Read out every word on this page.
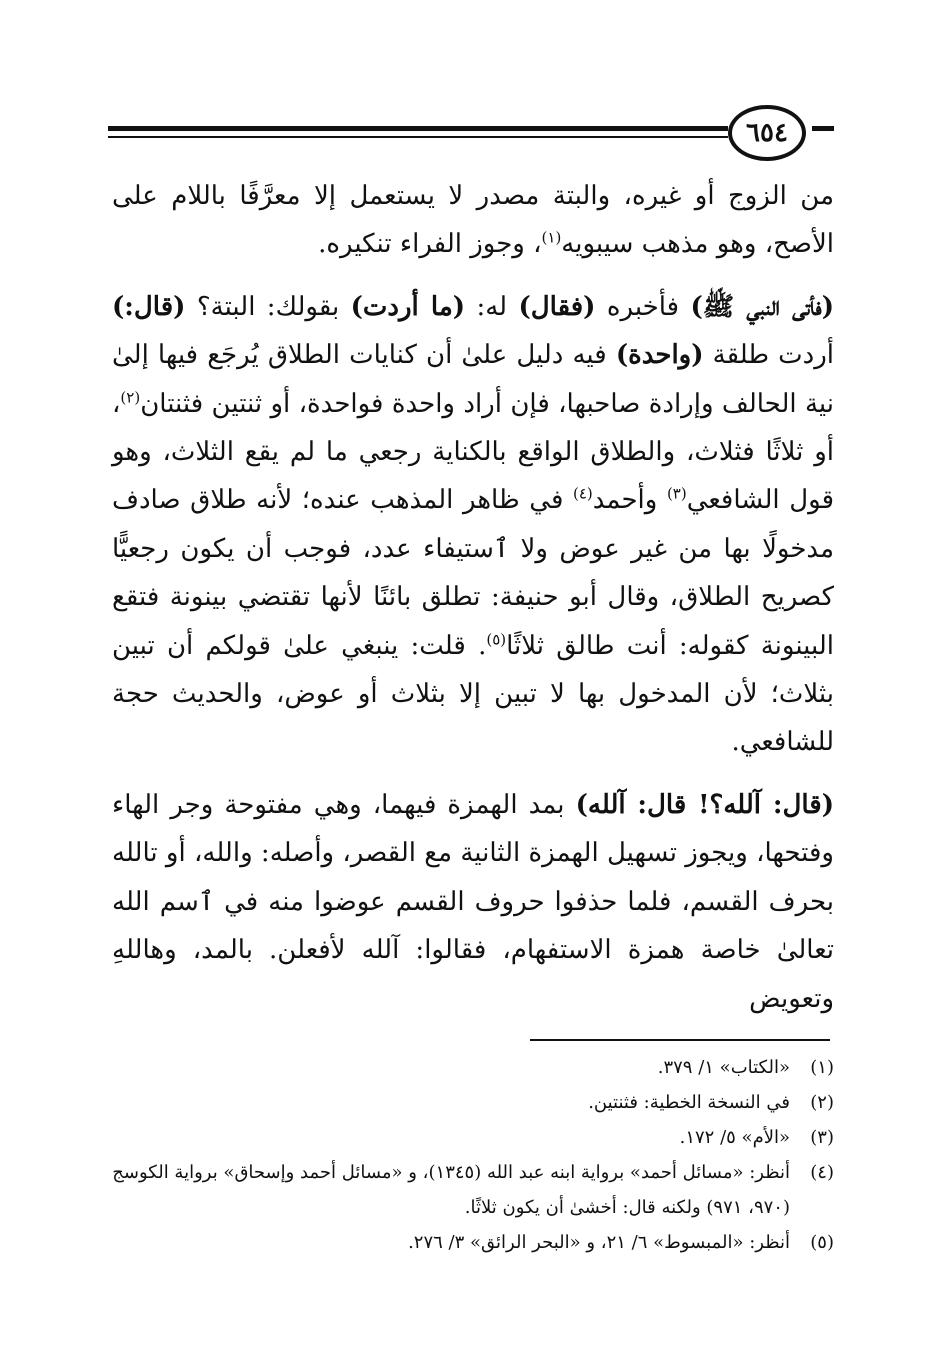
٦٥٤

من الزوج أو غيره، والبتة مصدر لا يستعمل إلا معرَّفًا باللام على الأصح، وهو مذهب سيبويه$^{(١)}$، وجوز الفراء تنكيره.

(فأتى النبي ﷺ) فأخبره (فقال) له: (ما أردت) بقولك: البتة؟ (قال:) أردت طلقة (واحدة) فيه دليل علىٰ أن كنايات الطلاق يُرجَع فيها إلىٰ نية الحالف وإرادة صاحبها، فإن أراد واحدة فواحدة، أو ثنتين فثنتان$^{(٢)}$، أو ثلاثًا فثلاث، والطلاق الواقع بالكناية رجعي ما لم يقع الثلاث، وهو قول الشافعي$^{(٣)}$ وأحمد$^{(٤)}$ في ظاهر المذهب عنده؛ لأنه طلاق صادف مدخولًا بها من غير عوض ولا ٱستيفاء عدد، فوجب أن يكون رجعيًّا كصريح الطلاق، وقال أبو حنيفة: تطلق بائنًا لأنها تقتضي بينونة فتقع البينونة كقوله: أنت طالق ثلاثًا$^{(٥)}$. قلت: ينبغي علىٰ قولكم أن تبين بثلاث؛ لأن المدخول بها لا تبين إلا بثلاث أو عوض، والحديث حجة للشافعي.

(قال: آلله؟! قال: آلله) بمد الهمزة فيهما، وهي مفتوحة وجر الهاء وفتحها، ويجوز تسهيل الهمزة الثانية مع القصر، وأصله: والله، أو تالله بحرف القسم، فلما حذفوا حروف القسم عوضوا منه في ٱسم الله تعالىٰ خاصة همزة الاستفهام، فقالوا: آلله لأفعلن. بالمد، وهاللهِ وتعويض

(١)
«الكتاب» ١/ ٣٧٩.
(٢)
في النسخة الخطية: فثنتين.
(٣)
«الأم» ٥/ ١٧٢.
(٤)
أنظر: «مسائل أحمد» برواية ابنه عبد الله (١٣٤٥)، و «مسائل أحمد وإسحاق» برواية الكوسج (٩٧٠، ٩٧١) ولكنه قال: أخشىٰ أن يكون ثلاثًا.
(٥)
أنظر: «المبسوط» ٦/ ٢١، و «البحر الرائق» ٣/ ٢٧٦.
